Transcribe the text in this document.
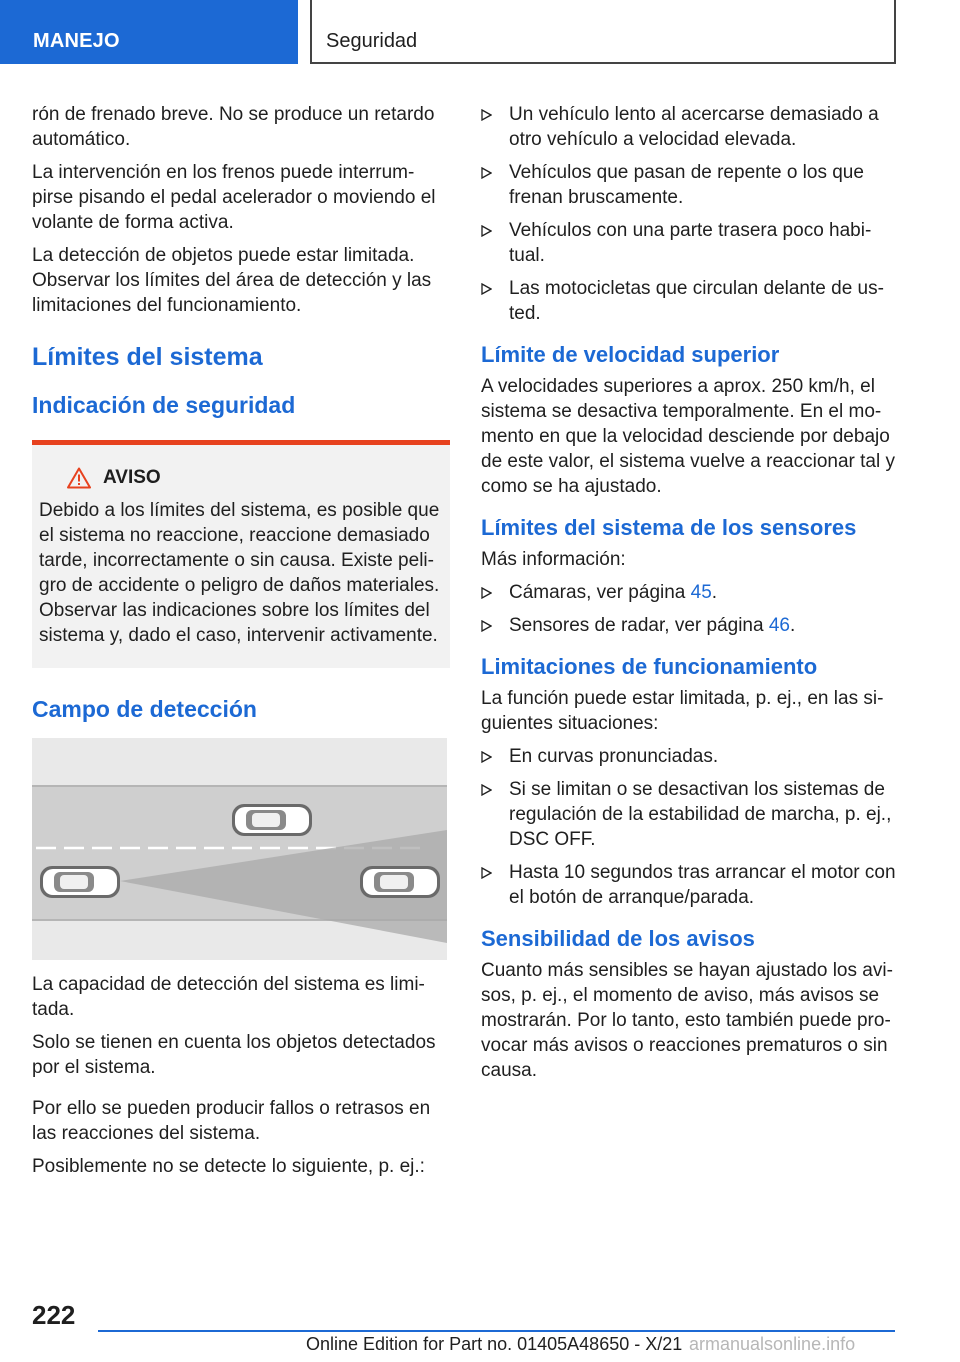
MANEJO	Seguridad

rón de frenado breve. No se produce un retardo automático.

La intervención en los frenos puede interrum-pirse pisando el pedal acelerador o moviendo el volante de forma activa.

La detección de objetos puede estar limitada. Observar los límites del área de detección y las limitaciones del funcionamiento.

Límites del sistema
Indicación de seguridad
AVISO

Debido a los límites del sistema, es posible que el sistema no reaccione, reaccione demasiado tarde, incorrectamente o sin causa. Existe peli-gro de accidente o peligro de daños materiales. Observar las indicaciones sobre los límites del sistema y, dado el caso, intervenir activamente.

Campo de detección

La capacidad de detección del sistema es limi-tada.

Solo se tienen en cuenta los objetos detectados por el sistema.

Por ello se pueden producir fallos o retrasos en las reacciones del sistema.

Posiblemente no se detecte lo siguiente, p. ej.:

Un vehículo lento al acercarse demasiado a otro vehículo a velocidad elevada.
Vehículos que pasan de repente o los que frenan bruscamente.
Vehículos con una parte trasera poco habi-tual.
Las motocicletas que circulan delante de us-ted.
Límite de velocidad superior

A velocidades superiores a aprox. 250 km/h, el sistema se desactiva temporalmente. En el mo-mento en que la velocidad desciende por debajo de este valor, el sistema vuelve a reaccionar tal y como se ha ajustado.

Límites del sistema de los sensores

Más información:

Cámaras, ver página 45.
Sensores de radar, ver página 46.
Limitaciones de funcionamiento

La función puede estar limitada, p. ej., en las si-guientes situaciones:

En curvas pronunciadas.
Si se limitan o se desactivan los sistemas de regulación de la estabilidad de marcha, p. ej., DSC OFF.
Hasta 10 segundos tras arrancar el motor con el botón de arranque/parada.
Sensibilidad de los avisos

Cuanto más sensibles se hayan ajustado los avi-sos, p. ej., el momento de aviso, más avisos se mostrarán. Por lo tanto, esto también puede pro-vocar más avisos o reacciones prematuros o sin causa.

222
Online Edition for Part no. 01405A48650 - X/21 armanualsonline.info
